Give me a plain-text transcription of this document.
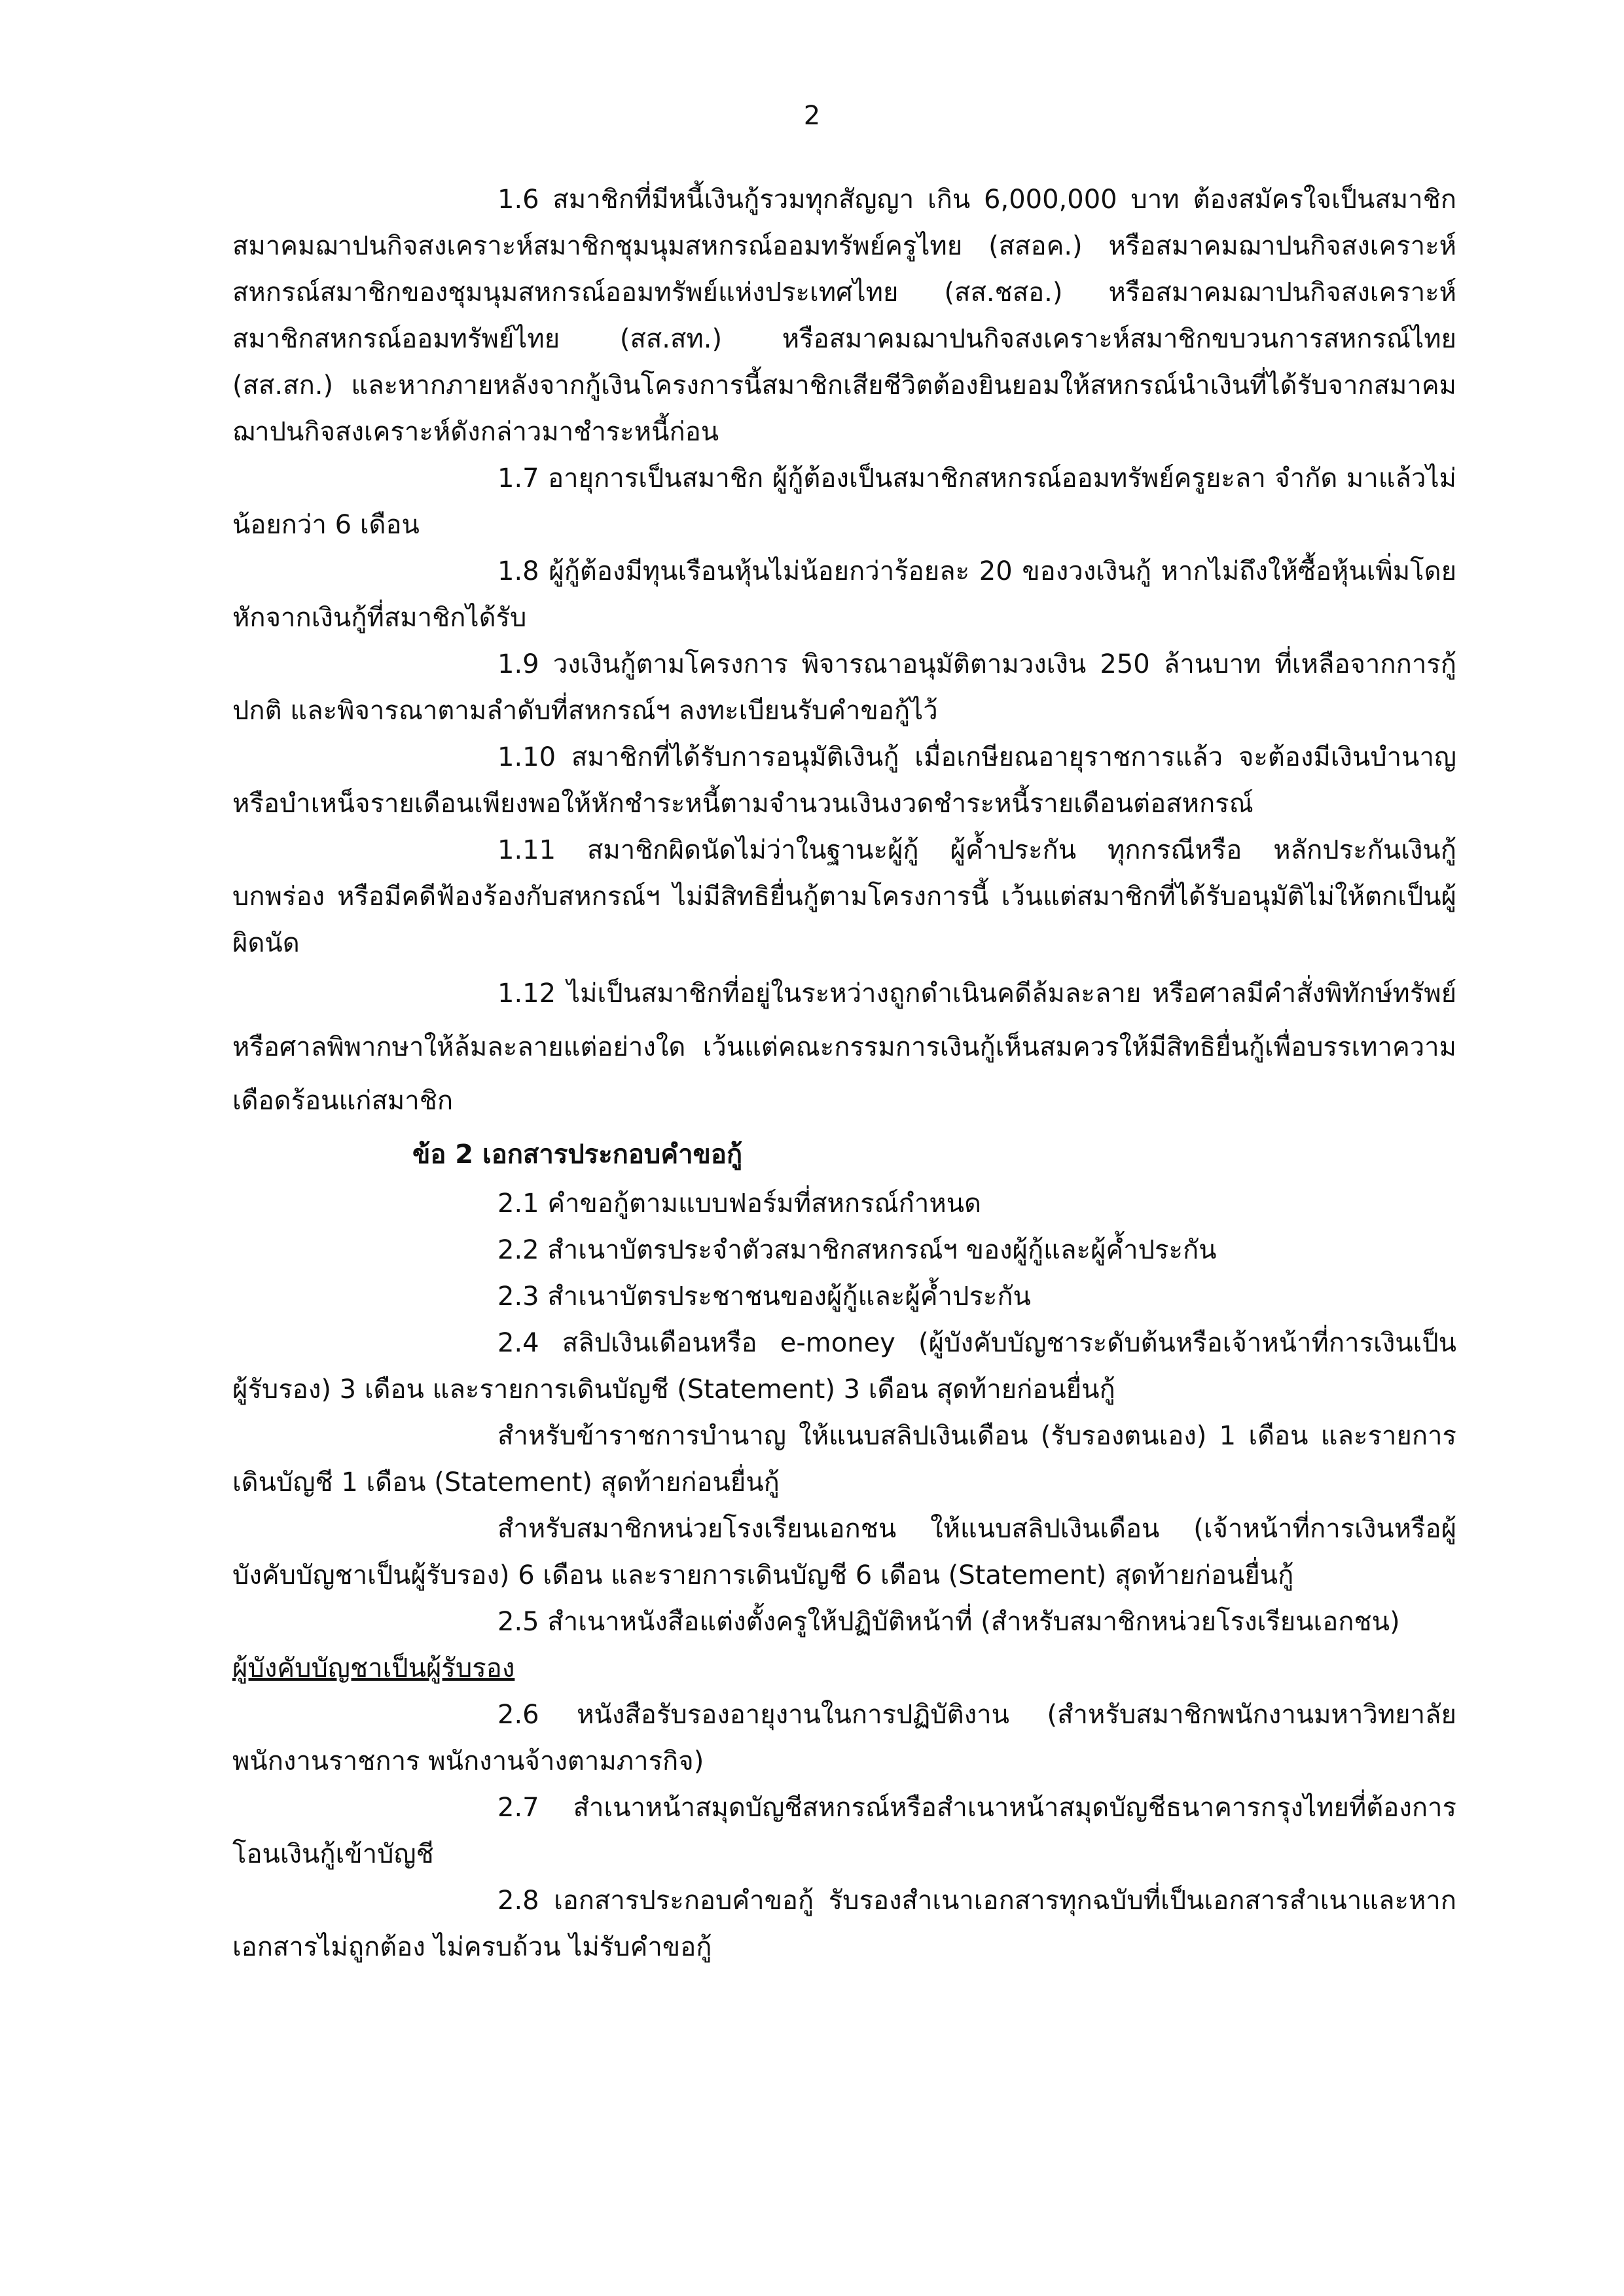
2

1.6 สมาชิกที่มีหนี้เงินกู้รวมทุกสัญญา เกิน 6,000,000 บาท ต้องสมัครใจเป็นสมาชิกสมาคมฌาปนกิจสงเคราะห์สมาชิกชุมนุมสหกรณ์ออมทรัพย์ครูไทย (สสอค.) หรือสมาคมฌาปนกิจสงเคราะห์สหกรณ์สมาชิกของชุมนุมสหกรณ์ออมทรัพย์แห่งประเทศไทย (สส.ชสอ.) หรือสมาคมฌาปนกิจสงเคราะห์สมาชิกสหกรณ์ออมทรัพย์ไทย (สส.สท.) หรือสมาคมฌาปนกิจสงเคราะห์สมาชิกขบวนการสหกรณ์ไทย (สส.สก.) และหากภายหลังจากกู้เงินโครงการนี้สมาชิกเสียชีวิตต้องยินยอมให้สหกรณ์นำเงินที่ได้รับจากสมาคมฌาปนกิจสงเคราะห์ดังกล่าวมาชำระหนี้ก่อน

1.7 อายุการเป็นสมาชิก ผู้กู้ต้องเป็นสมาชิกสหกรณ์ออมทรัพย์ครูยะลา จำกัด มาแล้วไม่น้อยกว่า 6 เดือน

1.8 ผู้กู้ต้องมีทุนเรือนหุ้นไม่น้อยกว่าร้อยละ 20 ของวงเงินกู้ หากไม่ถึงให้ซื้อหุ้นเพิ่มโดยหักจากเงินกู้ที่สมาชิกได้รับ

1.9 วงเงินกู้ตามโครงการ พิจารณาอนุมัติตามวงเงิน 250 ล้านบาท ที่เหลือจากการกู้ปกติ และพิจารณาตามลำดับที่สหกรณ์ฯ ลงทะเบียนรับคำขอกู้ไว้

1.10 สมาชิกที่ได้รับการอนุมัติเงินกู้ เมื่อเกษียณอายุราชการแล้ว จะต้องมีเงินบำนาญหรือบำเหน็จรายเดือนเพียงพอให้หักชำระหนี้ตามจำนวนเงินงวดชำระหนี้รายเดือนต่อสหกรณ์

1.11 สมาชิกผิดนัดไม่ว่าในฐานะผู้กู้ ผู้ค้ำประกัน ทุกกรณีหรือ หลักประกันเงินกู้บกพร่อง หรือมีคดีฟ้องร้องกับสหกรณ์ฯ ไม่มีสิทธิยื่นกู้ตามโครงการนี้ เว้นแต่สมาชิกที่ได้รับอนุมัติไม่ให้ตกเป็นผู้ผิดนัด

1.12 ไม่เป็นสมาชิกที่อยู่ในระหว่างถูกดำเนินคดีล้มละลาย หรือศาลมีคำสั่งพิทักษ์ทรัพย์หรือศาลพิพากษาให้ล้มละลายแต่อย่างใด เว้นแต่คณะกรรมการเงินกู้เห็นสมควรให้มีสิทธิยื่นกู้เพื่อบรรเทาความเดือดร้อนแก่สมาชิก

ข้อ 2 เอกสารประกอบคำขอกู้

2.1 คำขอกู้ตามแบบฟอร์มที่สหกรณ์กำหนด

2.2 สำเนาบัตรประจำตัวสมาชิกสหกรณ์ฯ ของผู้กู้และผู้ค้ำประกัน

2.3 สำเนาบัตรประชาชนของผู้กู้และผู้ค้ำประกัน

2.4 สลิปเงินเดือนหรือ e-money (ผู้บังคับบัญชาระดับต้นหรือเจ้าหน้าที่การเงินเป็นผู้รับรอง) 3 เดือน และรายการเดินบัญชี (Statement) 3 เดือน สุดท้ายก่อนยื่นกู้

สำหรับข้าราชการบำนาญ ให้แนบสลิปเงินเดือน (รับรองตนเอง) 1 เดือน และรายการเดินบัญชี 1 เดือน (Statement) สุดท้ายก่อนยื่นกู้

สำหรับสมาชิกหน่วยโรงเรียนเอกชน ให้แนบสลิปเงินเดือน (เจ้าหน้าที่การเงินหรือผู้บังคับบัญชาเป็นผู้รับรอง) 6 เดือน และรายการเดินบัญชี 6 เดือน (Statement) สุดท้ายก่อนยื่นกู้

2.5 สำเนาหนังสือแต่งตั้งครูให้ปฏิบัติหน้าที่ (สำหรับสมาชิกหน่วยโรงเรียนเอกชน)

ผู้บังคับบัญชาเป็นผู้รับรอง

2.6 หนังสือรับรองอายุงานในการปฏิบัติงาน (สำหรับสมาชิกพนักงานมหาวิทยาลัย พนักงานราชการ พนักงานจ้างตามภารกิจ)

2.7 สำเนาหน้าสมุดบัญชีสหกรณ์หรือสำเนาหน้าสมุดบัญชีธนาคารกรุงไทยที่ต้องการโอนเงินกู้เข้าบัญชี

2.8 เอกสารประกอบคำขอกู้ รับรองสำเนาเอกสารทุกฉบับที่เป็นเอกสารสำเนาและหากเอกสารไม่ถูกต้อง ไม่ครบถ้วน ไม่รับคำขอกู้
